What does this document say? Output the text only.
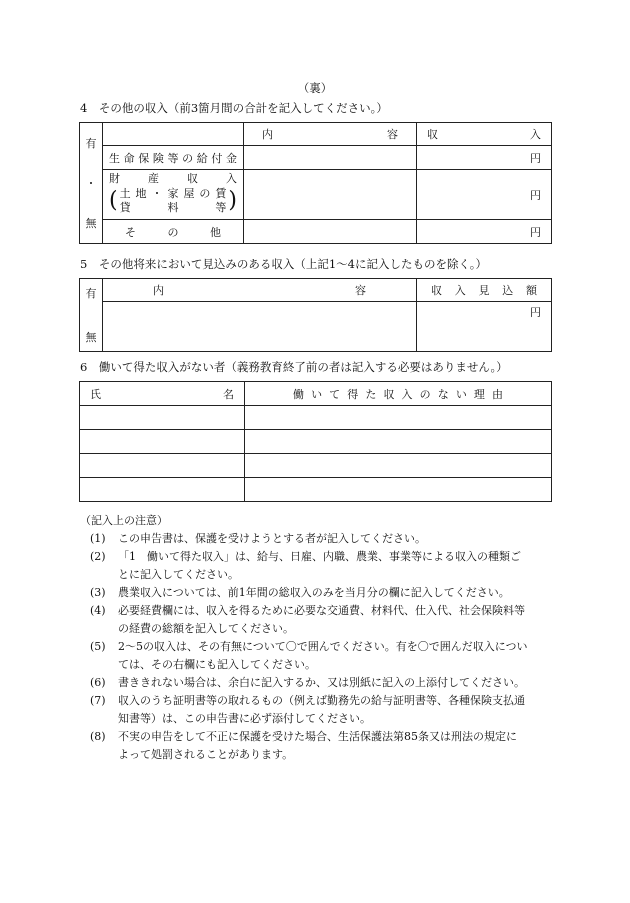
（裏）
4　その他の収入（前3箇月間の合計を記入してください。）
有
・
無		内容	収入

	生命保険等の給付金		円

	財産収入
( 土地・家屋の賃
貸料等 )		円

	その他		円
5　その他将来において見込みのある収入（上記1～4に記入したものを除く。）
有
無	内容	収入見込額

		円
6　働いて得た収入がない者（義務教育終了前の者は記入する必要はありません。）
氏名	働いて得た収入のない理由

（記入上の注意）
(1)	この申告書は、保護を受けようとする者が記入してください。
(2)	「1　働いて得た収入」は、給与、日雇、内職、農業、事業等による収入の種類ご
とに記入してください。
(3)	農業収入については、前1年間の総収入のみを当月分の欄に記入してください。
(4)	必要経費欄には、収入を得るために必要な交通費、材料代、仕入代、社会保険料等
の経費の総額を記入してください。
(5)	2～5の収入は、その有無について〇で囲んでください。有を〇で囲んだ収入につい
ては、その右欄にも記入してください。
(6)	書ききれない場合は、余白に記入するか、又は別紙に記入の上添付してください。
(7)	収入のうち証明書等の取れるもの（例えば勤務先の給与証明書等、各種保険支払通
知書等）は、この申告書に必ず添付してください。
(8)	不実の申告をして不正に保護を受けた場合、生活保護法第85条又は刑法の規定に
よって処罰されることがあります。
